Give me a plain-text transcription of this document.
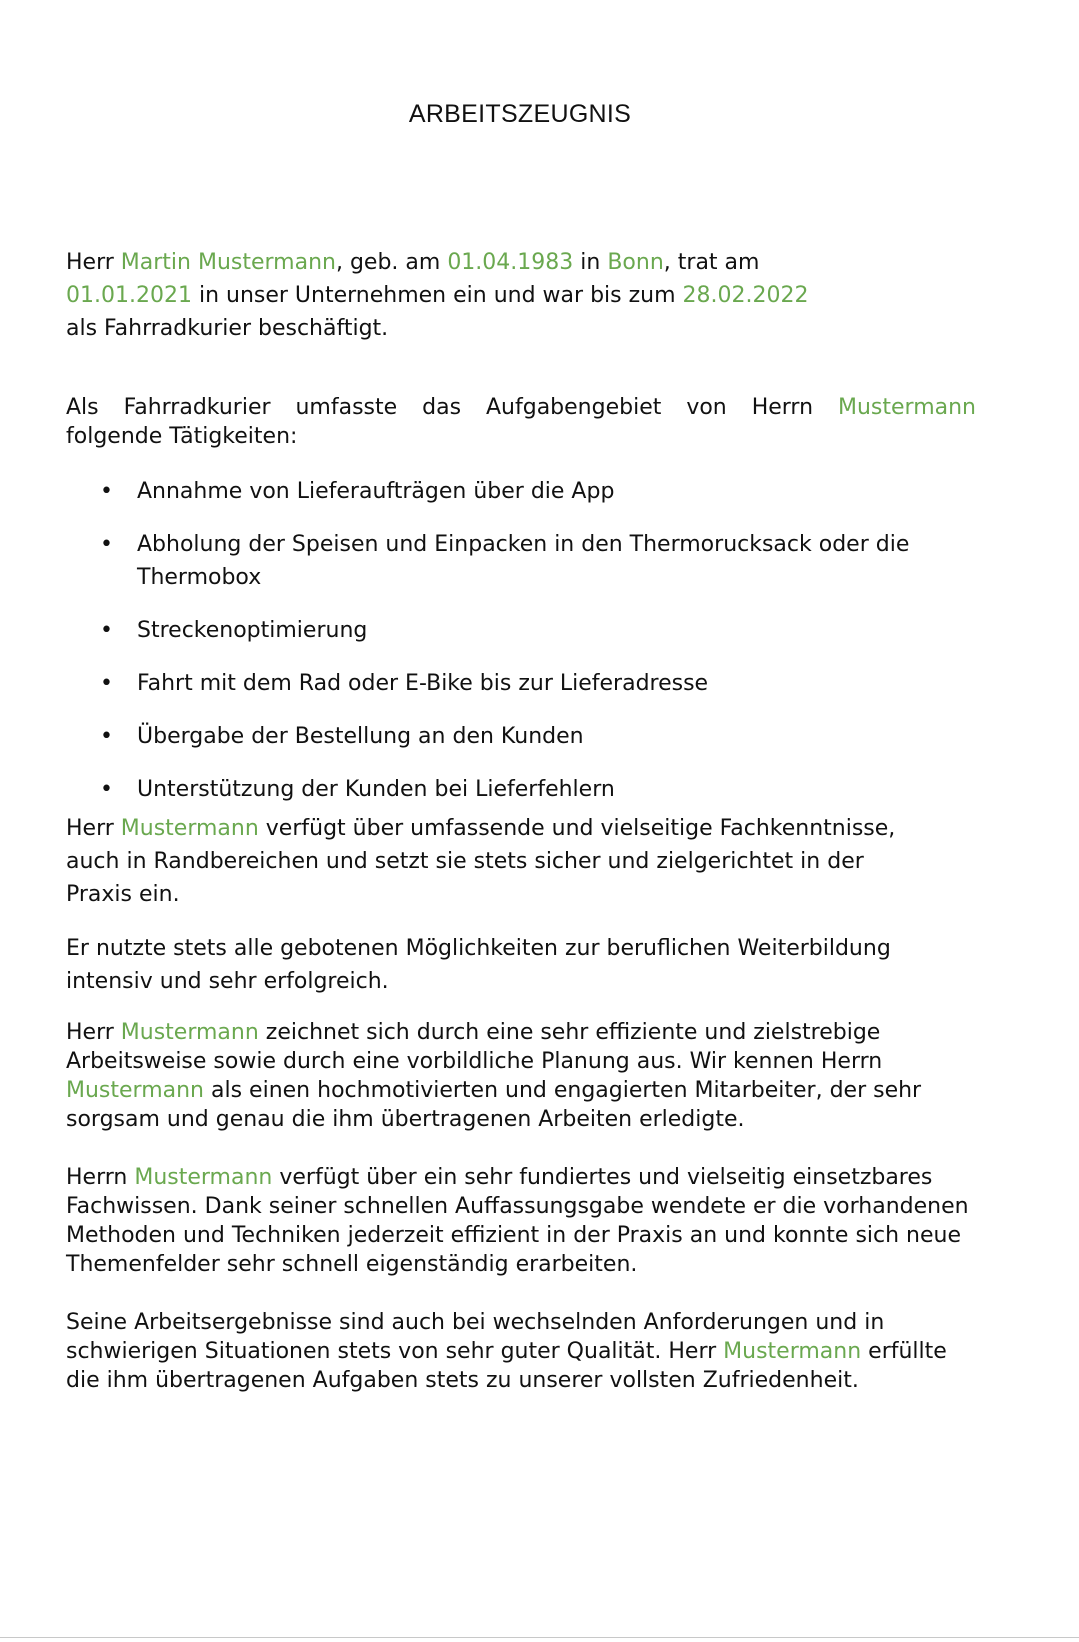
ARBEITSZEUGNIS

Herr Martin Mustermann, geb. am 01.04.1983 in Bonn, trat am 01.01.2021 in unser Unternehmen ein und war bis zum 28.02.2022 als Fahrradkurier beschäftigt.

Als Fahrradkurier umfasste das Aufgabengebiet von Herrn Mustermann
folgende Tätigkeiten:
• Annahme von Lieferaufträgen über die App
• Abholung der Speisen und Einpacken in den Thermorucksack oder die Thermobox
• Streckenoptimierung
• Fahrt mit dem Rad oder E-Bike bis zur Lieferadresse
• Übergabe der Bestellung an den Kunden
• Unterstützung der Kunden bei Lieferfehlern

Herr Mustermann verfügt über umfassende und vielseitige Fachkenntnisse, auch in Randbereichen und setzt sie stets sicher und zielgerichtet in der Praxis ein.

Er nutzte stets alle gebotenen Möglichkeiten zur beruflichen Weiterbildung intensiv und sehr erfolgreich.

Herr Mustermann zeichnet sich durch eine sehr effiziente und zielstrebige Arbeitsweise sowie durch eine vorbildliche Planung aus. Wir kennen Herrn Mustermann als einen hochmotivierten und engagierten Mitarbeiter, der sehr sorgsam und genau die ihm übertragenen Arbeiten erledigte.

Herrn Mustermann verfügt über ein sehr fundiertes und vielseitig einsetzbares Fachwissen. Dank seiner schnellen Auffassungsgabe wendete er die vorhandenen Methoden und Techniken jederzeit effizient in der Praxis an und konnte sich neue Themenfelder sehr schnell eigenständig erarbeiten.

Seine Arbeitsergebnisse sind auch bei wechselnden Anforderungen und in schwierigen Situationen stets von sehr guter Qualität. Herr Mustermann erfüllte die ihm übertragenen Aufgaben stets zu unserer vollsten Zufriedenheit.
